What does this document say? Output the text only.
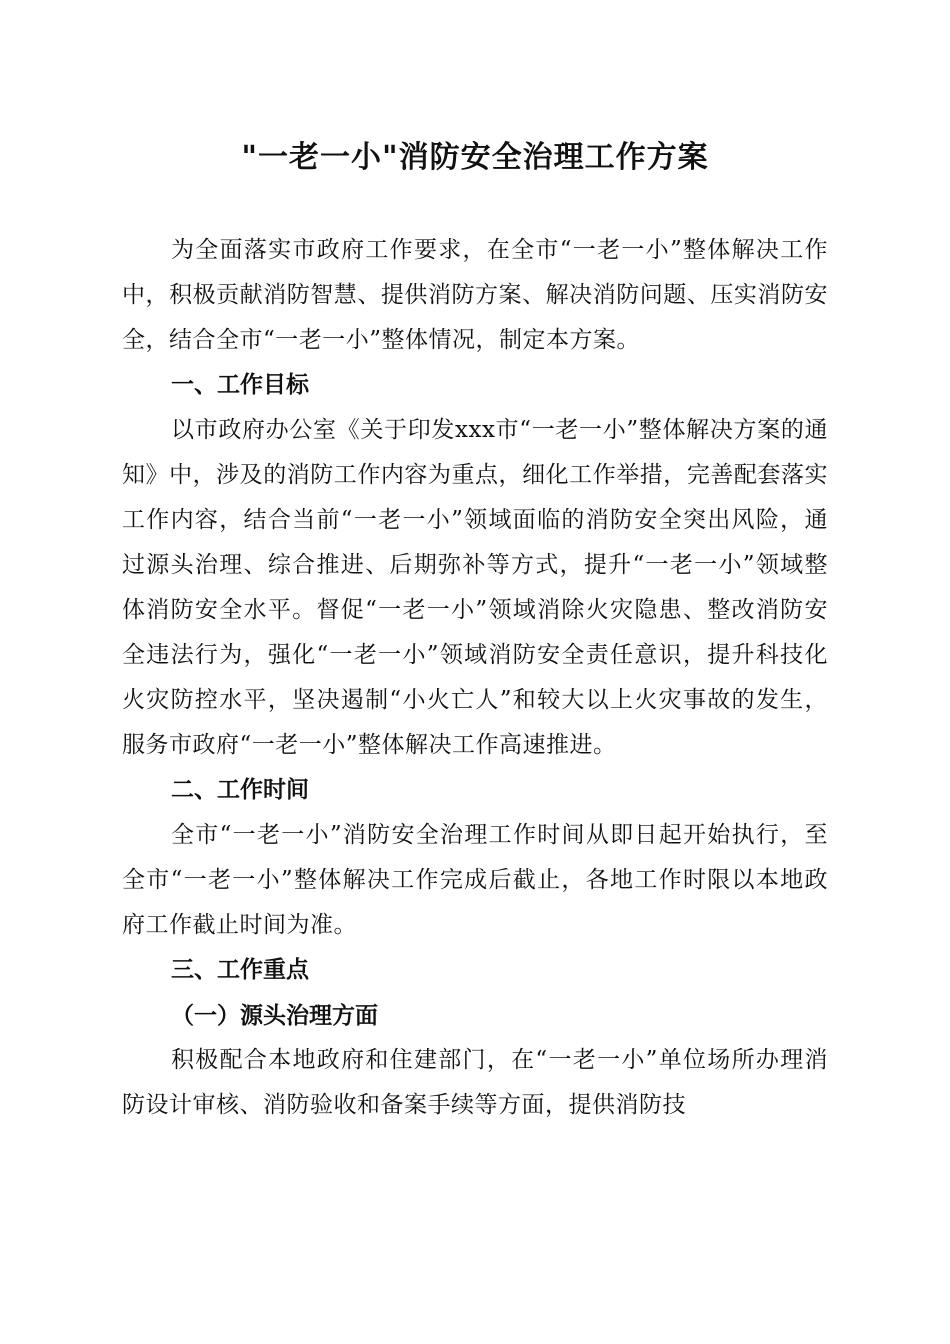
"一老一小"消防安全治理工作方案

为全面落实市政府工作要求，在全市“一老一小”整体解决工作中，积极贡献消防智慧、提供消防方案、解决消防问题、压实消防安全，结合全市“一老一小”整体情况，制定本方案。

一、工作目标

以市政府办公室《关于印发xxx市“一老一小”整体解决方案的通知》中，涉及的消防工作内容为重点，细化工作举措，完善配套落实工作内容，结合当前“一老一小”领域面临的消防安全突出风险，通过源头治理、综合推进、后期弥补等方式，提升“一老一小”领域整体消防安全水平。督促“一老一小”领域消除火灾隐患、整改消防安全违法行为，强化“一老一小”领域消防安全责任意识，提升科技化火灾防控水平，坚决遏制“小火亡人”和较大以上火灾事故的发生，服务市政府“一老一小”整体解决工作高速推进。

二、工作时间

全市“一老一小”消防安全治理工作时间从即日起开始执行，至全市“一老一小”整体解决工作完成后截止，各地工作时限以本地政府工作截止时间为准。

三、工作重点
（一）源头治理方面

积极配合本地政府和住建部门，在“一老一小”单位场所办理消防设计审核、消防验收和备案手续等方面，提供消防技
